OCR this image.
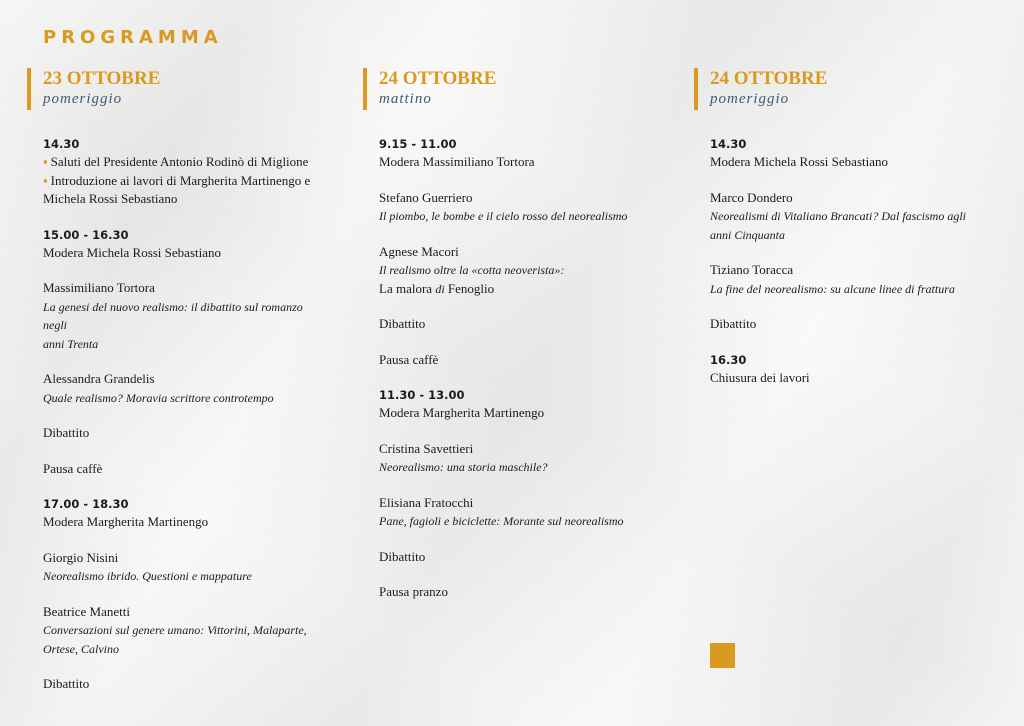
PROGRAMMA
23 OTTOBRE
pomeriggio
14.30
▪ Saluti del Presidente Antonio Rodinò di Miglione
▪ Introduzione ai lavori di Margherita Martinengo e
Michela Rossi Sebastiano
15.00 - 16.30
Modera Michela Rossi Sebastiano
Massimiliano Tortora
La genesi del nuovo realismo: il dibattito sul romanzo negli
anni Trenta
Alessandra Grandelis
Quale realismo? Moravia scrittore controtempo
Dibattito
Pausa caffè
17.00 - 18.30
Modera Margherita Martinengo
Giorgio Nisini
Neorealismo ibrido. Questioni e mappature
Beatrice Manetti
Conversazioni sul genere umano: Vittorini, Malaparte,
Ortese, Calvino
Dibattito
24 OTTOBRE
mattino
9.15 - 11.00
Modera Massimiliano Tortora
Stefano Guerriero
Il piombo, le bombe e il cielo rosso del neorealismo
Agnese Macori
Il realismo oltre la «cotta neoverista»:
La malora di Fenoglio
Dibattito
Pausa caffè
11.30 - 13.00
Modera Margherita Martinengo
Cristina Savettieri
Neorealismo: una storia maschile?
Elisiana Fratocchi
Pane, fagioli e biciclette: Morante sul neorealismo
Dibattito
Pausa pranzo
24 OTTOBRE
pomeriggio
14.30
Modera Michela Rossi Sebastiano
Marco Dondero
Neorealismi di Vitaliano Brancati? Dal fascismo agli
anni Cinquanta
Tiziano Toracca
La fine del neorealismo: su alcune linee di frattura
Dibattito
16.30
Chiusura dei lavori
